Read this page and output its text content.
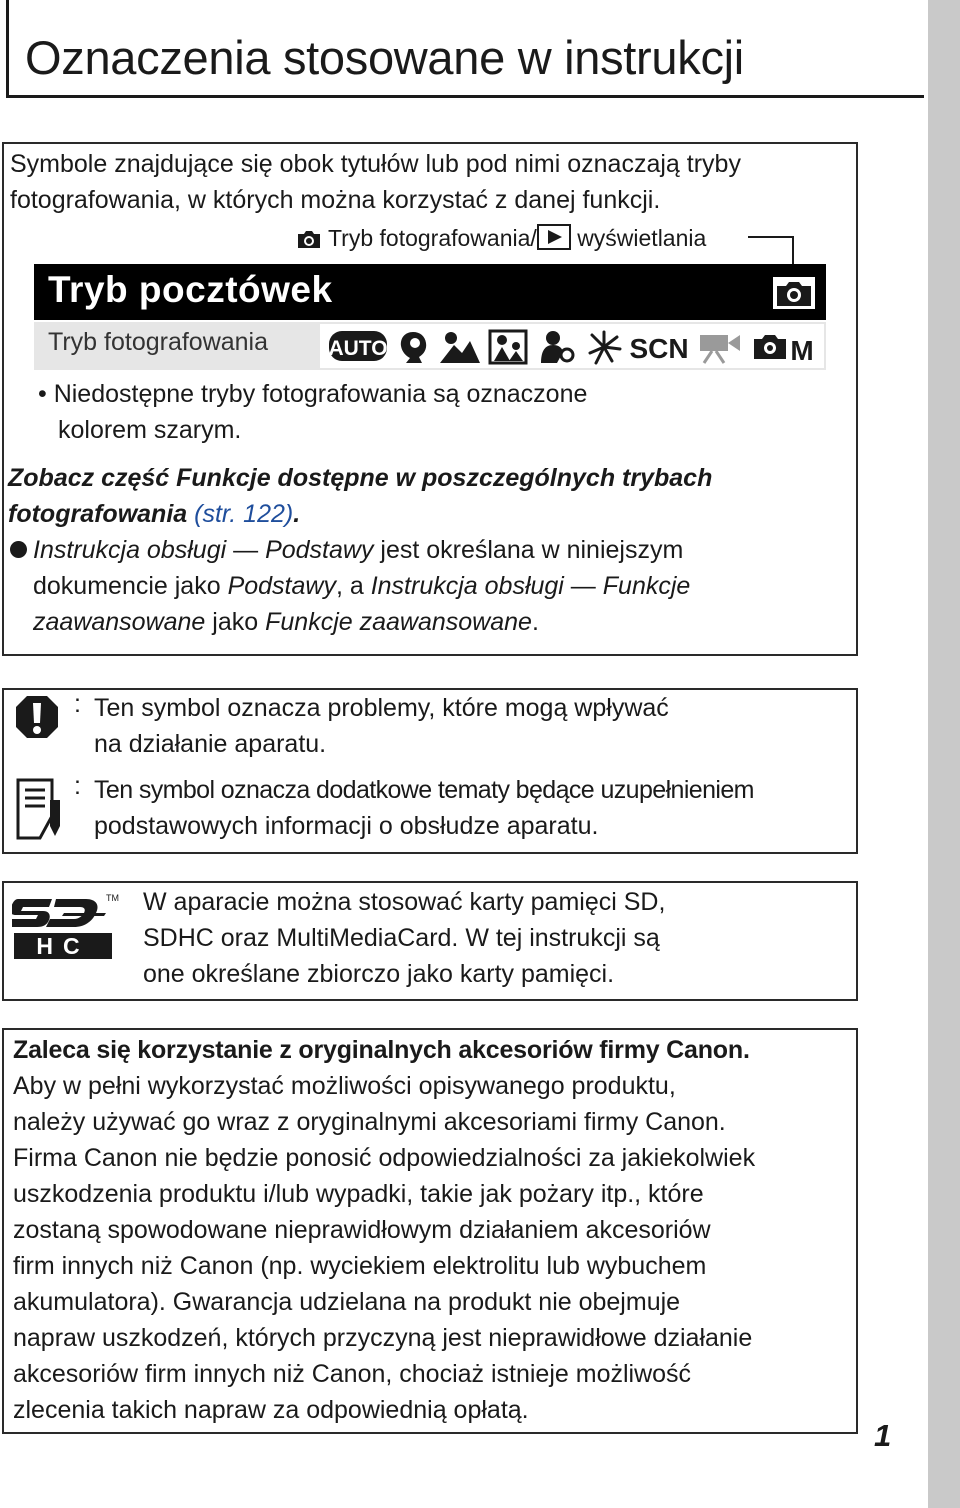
Oznaczenia stosowane w instrukcji
Symbole znajdujące się obok tytułów lub pod nimi oznaczają tryby
fotografowania, w których można korzystać z danej funkcji.
Tryb fotografowania/ wyświetlania
Tryb pocztówek
Tryb fotografowania	AUTO	SCN	M
• Niedostępne tryby fotografowania są oznaczone
kolorem szarym.
Zobacz część Funkcje dostępne w poszczególnych trybach
fotografowania (str. 122).
Instrukcja obsługi — Podstawy jest określana w niniejszym
dokumencie jako Podstawy, a Instrukcja obsługi — Funkcje
zaawansowane jako Funkcje zaawansowane.
: Ten symbol oznacza problemy, które mogą wpływać
na działanie aparatu.
: Ten symbol oznacza dodatkowe tematy będące uzupełnieniem
podstawowych informacji o obsłudze aparatu.
HC
TM W aparacie można stosować karty pamięci SD,
SDHC oraz MultiMediaCard. W tej instrukcji są
one określane zbiorczo jako karty pamięci.
Zaleca się korzystanie z oryginalnych akcesoriów firmy Canon.
Aby w pełni wykorzystać możliwości opisywanego produktu,
należy używać go wraz z oryginalnymi akcesoriami firmy Canon.
Firma Canon nie będzie ponosić odpowiedzialności za jakiekolwiek
uszkodzenia produktu i/lub wypadki, takie jak pożary itp., które
zostaną spowodowane nieprawidłowym działaniem akcesoriów
firm innych niż Canon (np. wyciekiem elektrolitu lub wybuchem
akumulatora). Gwarancja udzielana na produkt nie obejmuje
napraw uszkodzeń, których przyczyną jest nieprawidłowe działanie
akcesoriów firm innych niż Canon, chociaż istnieje możliwość
zlecenia takich napraw za odpowiednią opłatą.
1
